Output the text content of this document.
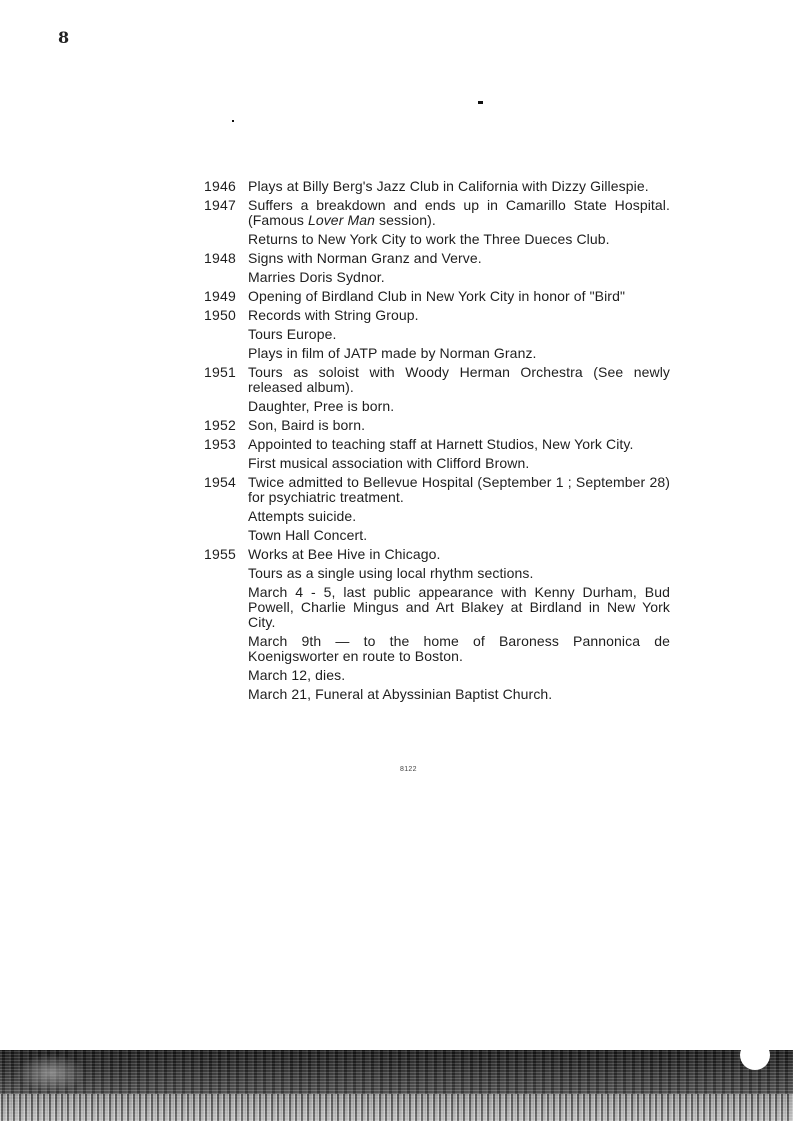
8
1946 Plays at Billy Berg's Jazz Club in California with Dizzy Gillespie.
1947 Suffers a breakdown and ends up in Camarillo State Hospital. (Famous Lover Man session).
Returns to New York City to work the Three Dueces Club.
1948 Signs with Norman Granz and Verve.
Marries Doris Sydnor.
1949 Opening of Birdland Club in New York City in honor of "Bird"
1950 Records with String Group.
Tours Europe.
Plays in film of JATP made by Norman Granz.
1951 Tours as soloist with Woody Herman Orchestra (See newly released album).
Daughter, Pree is born.
1952 Son, Baird is born.
1953 Appointed to teaching staff at Harnett Studios, New York City.
First musical association with Clifford Brown.
1954 Twice admitted to Bellevue Hospital (September 1 ; September 28) for psychiatric treatment.
Attempts suicide.
Town Hall Concert.
1955 Works at Bee Hive in Chicago.
Tours as a single using local rhythm sections.
March 4 - 5, last public appearance with Kenny Durham, Bud Powell, Charlie Mingus and Art Blakey at Birdland in New York City.
March 9th — to the home of Baroness Pannonica de Koenigsworter en route to Boston.
March 12, dies.
March 21, Funeral at Abyssinian Baptist Church.
8122
